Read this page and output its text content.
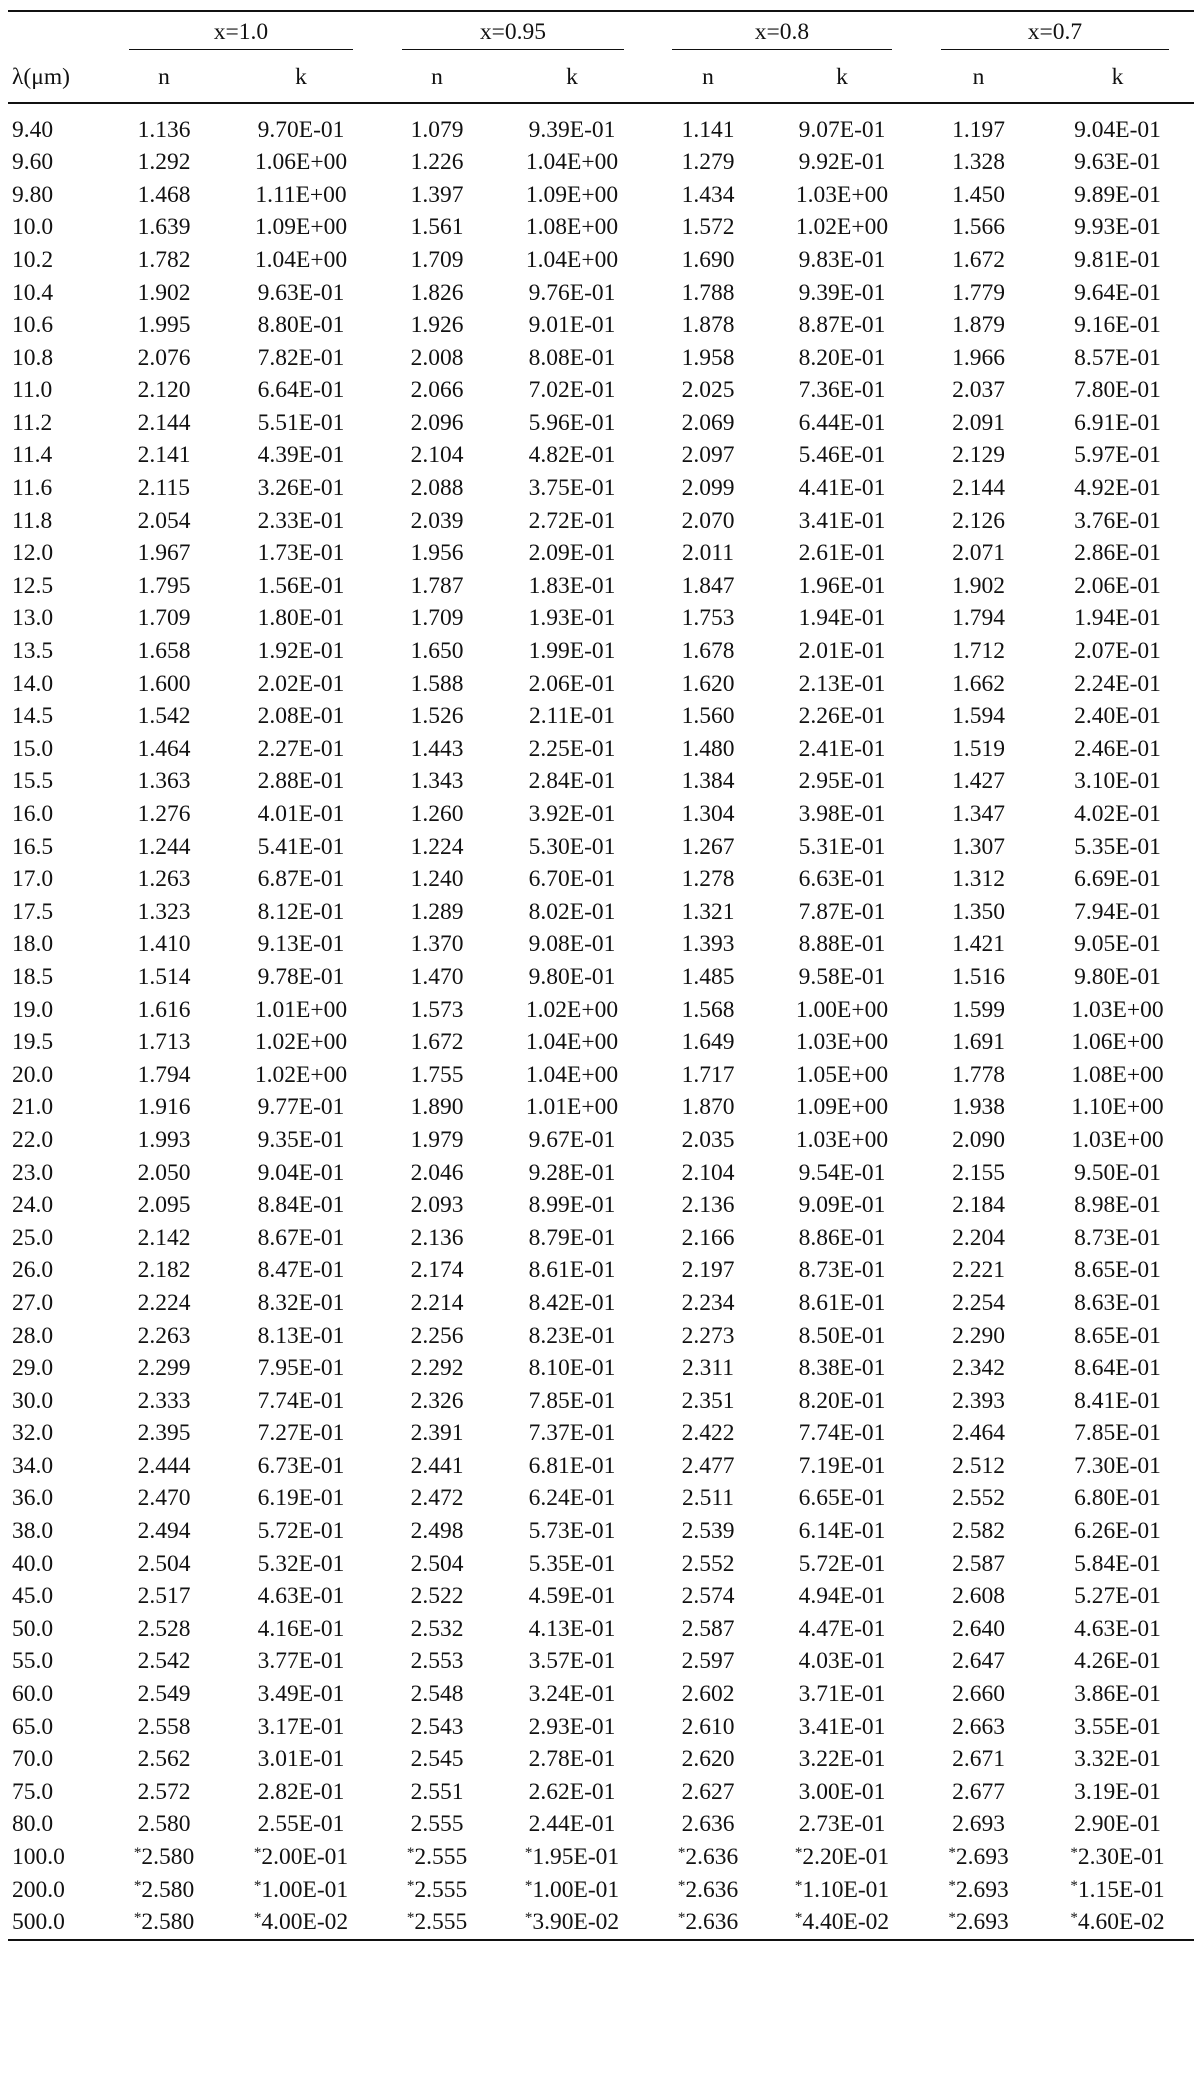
	x=1.0		x=0.95		x=0.8		x=0.7	
λ(μm)	n	k	n	k	n	k	n	k

9.40	1.136	9.70E-01	1.079	9.39E-01	1.141	9.07E-01	1.197	9.04E-01
9.60	1.292	1.06E+00	1.226	1.04E+00	1.279	9.92E-01	1.328	9.63E-01
9.80	1.468	1.11E+00	1.397	1.09E+00	1.434	1.03E+00	1.450	9.89E-01
10.0	1.639	1.09E+00	1.561	1.08E+00	1.572	1.02E+00	1.566	9.93E-01
10.2	1.782	1.04E+00	1.709	1.04E+00	1.690	9.83E-01	1.672	9.81E-01
10.4	1.902	9.63E-01	1.826	9.76E-01	1.788	9.39E-01	1.779	9.64E-01
10.6	1.995	8.80E-01	1.926	9.01E-01	1.878	8.87E-01	1.879	9.16E-01
10.8	2.076	7.82E-01	2.008	8.08E-01	1.958	8.20E-01	1.966	8.57E-01
11.0	2.120	6.64E-01	2.066	7.02E-01	2.025	7.36E-01	2.037	7.80E-01
11.2	2.144	5.51E-01	2.096	5.96E-01	2.069	6.44E-01	2.091	6.91E-01
11.4	2.141	4.39E-01	2.104	4.82E-01	2.097	5.46E-01	2.129	5.97E-01
11.6	2.115	3.26E-01	2.088	3.75E-01	2.099	4.41E-01	2.144	4.92E-01
11.8	2.054	2.33E-01	2.039	2.72E-01	2.070	3.41E-01	2.126	3.76E-01
12.0	1.967	1.73E-01	1.956	2.09E-01	2.011	2.61E-01	2.071	2.86E-01
12.5	1.795	1.56E-01	1.787	1.83E-01	1.847	1.96E-01	1.902	2.06E-01
13.0	1.709	1.80E-01	1.709	1.93E-01	1.753	1.94E-01	1.794	1.94E-01
13.5	1.658	1.92E-01	1.650	1.99E-01	1.678	2.01E-01	1.712	2.07E-01
14.0	1.600	2.02E-01	1.588	2.06E-01	1.620	2.13E-01	1.662	2.24E-01
14.5	1.542	2.08E-01	1.526	2.11E-01	1.560	2.26E-01	1.594	2.40E-01
15.0	1.464	2.27E-01	1.443	2.25E-01	1.480	2.41E-01	1.519	2.46E-01
15.5	1.363	2.88E-01	1.343	2.84E-01	1.384	2.95E-01	1.427	3.10E-01
16.0	1.276	4.01E-01	1.260	3.92E-01	1.304	3.98E-01	1.347	4.02E-01
16.5	1.244	5.41E-01	1.224	5.30E-01	1.267	5.31E-01	1.307	5.35E-01
17.0	1.263	6.87E-01	1.240	6.70E-01	1.278	6.63E-01	1.312	6.69E-01
17.5	1.323	8.12E-01	1.289	8.02E-01	1.321	7.87E-01	1.350	7.94E-01
18.0	1.410	9.13E-01	1.370	9.08E-01	1.393	8.88E-01	1.421	9.05E-01
18.5	1.514	9.78E-01	1.470	9.80E-01	1.485	9.58E-01	1.516	9.80E-01
19.0	1.616	1.01E+00	1.573	1.02E+00	1.568	1.00E+00	1.599	1.03E+00
19.5	1.713	1.02E+00	1.672	1.04E+00	1.649	1.03E+00	1.691	1.06E+00
20.0	1.794	1.02E+00	1.755	1.04E+00	1.717	1.05E+00	1.778	1.08E+00
21.0	1.916	9.77E-01	1.890	1.01E+00	1.870	1.09E+00	1.938	1.10E+00
22.0	1.993	9.35E-01	1.979	9.67E-01	2.035	1.03E+00	2.090	1.03E+00
23.0	2.050	9.04E-01	2.046	9.28E-01	2.104	9.54E-01	2.155	9.50E-01
24.0	2.095	8.84E-01	2.093	8.99E-01	2.136	9.09E-01	2.184	8.98E-01
25.0	2.142	8.67E-01	2.136	8.79E-01	2.166	8.86E-01	2.204	8.73E-01
26.0	2.182	8.47E-01	2.174	8.61E-01	2.197	8.73E-01	2.221	8.65E-01
27.0	2.224	8.32E-01	2.214	8.42E-01	2.234	8.61E-01	2.254	8.63E-01
28.0	2.263	8.13E-01	2.256	8.23E-01	2.273	8.50E-01	2.290	8.65E-01
29.0	2.299	7.95E-01	2.292	8.10E-01	2.311	8.38E-01	2.342	8.64E-01
30.0	2.333	7.74E-01	2.326	7.85E-01	2.351	8.20E-01	2.393	8.41E-01
32.0	2.395	7.27E-01	2.391	7.37E-01	2.422	7.74E-01	2.464	7.85E-01
34.0	2.444	6.73E-01	2.441	6.81E-01	2.477	7.19E-01	2.512	7.30E-01
36.0	2.470	6.19E-01	2.472	6.24E-01	2.511	6.65E-01	2.552	6.80E-01
38.0	2.494	5.72E-01	2.498	5.73E-01	2.539	6.14E-01	2.582	6.26E-01
40.0	2.504	5.32E-01	2.504	5.35E-01	2.552	5.72E-01	2.587	5.84E-01
45.0	2.517	4.63E-01	2.522	4.59E-01	2.574	4.94E-01	2.608	5.27E-01
50.0	2.528	4.16E-01	2.532	4.13E-01	2.587	4.47E-01	2.640	4.63E-01
55.0	2.542	3.77E-01	2.553	3.57E-01	2.597	4.03E-01	2.647	4.26E-01
60.0	2.549	3.49E-01	2.548	3.24E-01	2.602	3.71E-01	2.660	3.86E-01
65.0	2.558	3.17E-01	2.543	2.93E-01	2.610	3.41E-01	2.663	3.55E-01
70.0	2.562	3.01E-01	2.545	2.78E-01	2.620	3.22E-01	2.671	3.32E-01
75.0	2.572	2.82E-01	2.551	2.62E-01	2.627	3.00E-01	2.677	3.19E-01
80.0	2.580	2.55E-01	2.555	2.44E-01	2.636	2.73E-01	2.693	2.90E-01
100.0	*2.580	*2.00E-01	*2.555	*1.95E-01	*2.636	*2.20E-01	*2.693	*2.30E-01
200.0	*2.580	*1.00E-01	*2.555	*1.00E-01	*2.636	*1.10E-01	*2.693	*1.15E-01
500.0	*2.580	*4.00E-02	*2.555	*3.90E-02	*2.636	*4.40E-02	*2.693	*4.60E-02
